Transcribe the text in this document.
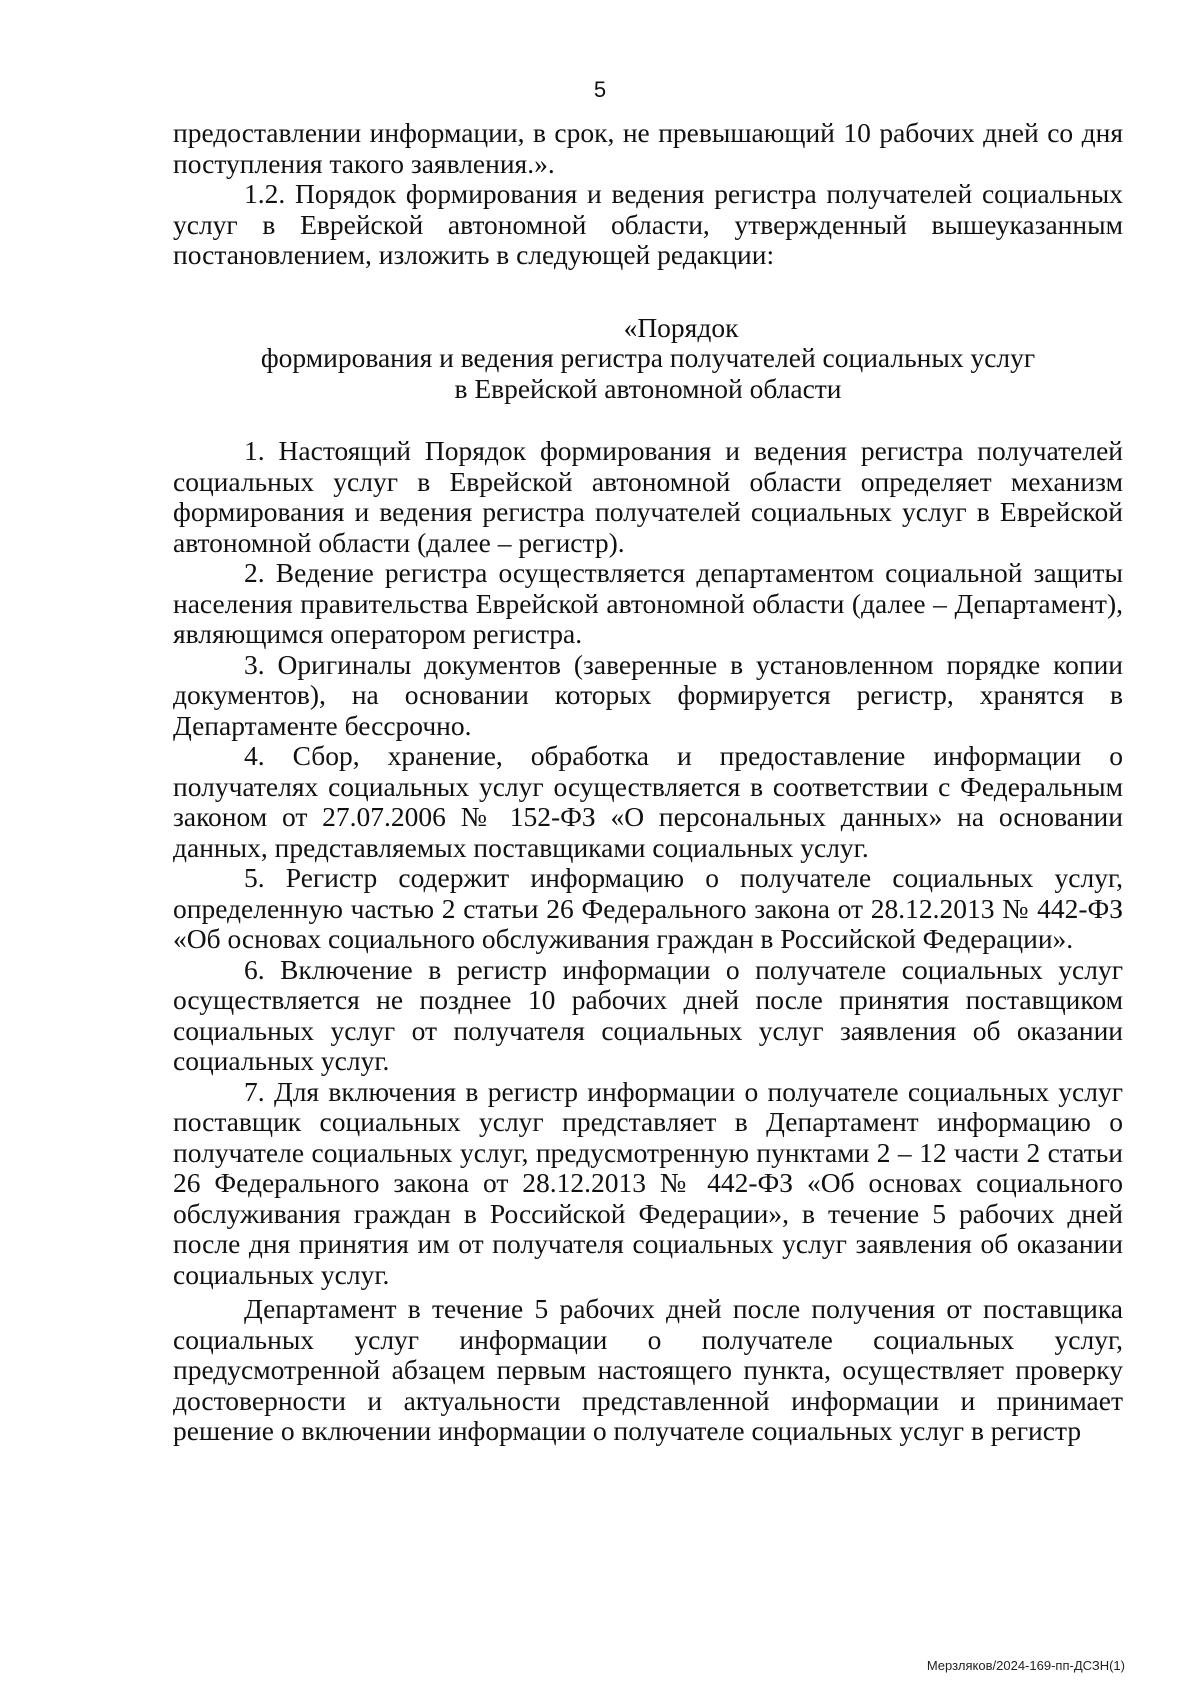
5

предоставлении информации, в срок, не превышающий 10 рабочих дней со дня поступления такого заявления.».

1.2. Порядок формирования и ведения регистра получателей социальных услуг в Еврейской автономной области, утвержденный вышеуказанным постановлением, изложить в следующей редакции:

«Порядок
формирования и ведения регистра получателей социальных услуг
в Еврейской автономной области

1. Настоящий Порядок формирования и ведения регистра получателей социальных услуг в Еврейской автономной области определяет механизм формирования и ведения регистра получателей социальных услуг в Еврейской автономной области (далее – регистр).

2. Ведение регистра осуществляется департаментом социальной защиты населения правительства Еврейской автономной области (далее – Департамент), являющимся оператором регистра.

3. Оригиналы документов (заверенные в установленном порядке копии документов), на основании которых формируется регистр, хранятся в Департаменте бессрочно.

4. Сбор, хранение, обработка и предоставление информации о получателях социальных услуг осуществляется в соответствии с Федеральным законом от 27.07.2006 № 152-ФЗ «О персональных данных» на основании данных, представляемых поставщиками социальных услуг.

5. Регистр содержит информацию о получателе социальных услуг, определенную частью 2 статьи 26 Федерального закона от 28.12.2013 № 442-ФЗ «Об основах социального обслуживания граждан в Российской Федерации».

6. Включение в регистр информации о получателе социальных услуг осуществляется не позднее 10 рабочих дней после принятия поставщиком социальных услуг от получателя социальных услуг заявления об оказании социальных услуг.

7. Для включения в регистр информации о получателе социальных услуг поставщик социальных услуг представляет в Департамент информацию о получателе социальных услуг, предусмотренную пунктами 2 – 12 части 2 статьи 26 Федерального закона от 28.12.2013 № 442-ФЗ «Об основах социального обслуживания граждан в Российской Федерации», в течение 5 рабочих дней после дня принятия им от получателя социальных услуг заявления об оказании социальных услуг.

Департамент в течение 5 рабочих дней после получения от поставщика социальных услуг информации о получателе социальных услуг, предусмотренной абзацем первым настоящего пункта, осуществляет проверку достоверности и актуальности представленной информации и принимает решение о включении информации о получателе социальных услуг в регистр

Мерзляков/2024-169-пп-ДСЗН(1)
